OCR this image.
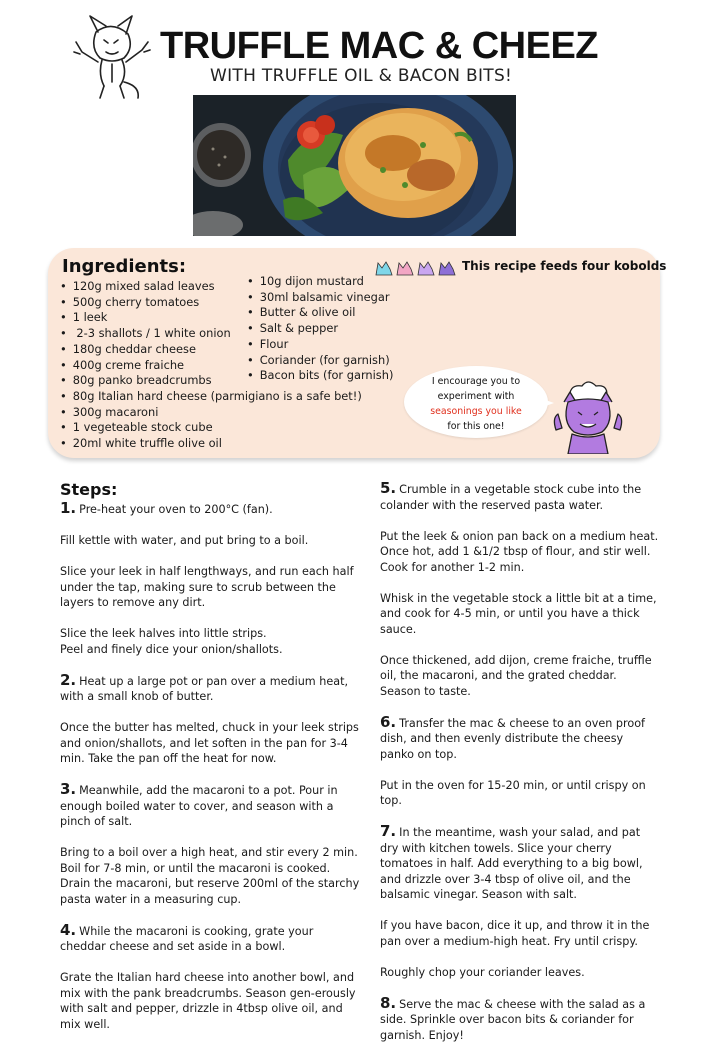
TRUFFLE MAC & CHEEZ
WITH TRUFFLE OIL & BACON BITS!
Ingredients:
• 120g mixed salad leaves
• 500g cherry tomatoes
• 1 leek
•  2-3 shallots / 1 white onion
• 180g cheddar cheese
• 400g creme fraiche
• 80g panko breadcrumbs
• 80g Italian hard cheese (parmigiano is a safe bet!)
• 300g macaroni
• 1 vegeteable stock cube
• 20ml white truffle olive oil
• 10g dijon mustard
• 30ml balsamic vinegar
• Butter & olive oil
• Salt & pepper
• Flour
• Coriander (for garnish)
• Bacon bits (for garnish)
This recipe feeds four kobolds
I encourage you to
experiment with
seasonings you like
for this one!
Steps:

1. Pre-heat your oven to 200°C (fan).

Fill kettle with water, and put bring to a boil.

Slice your leek in half lengthways, and run each half under the tap, making sure to scrub between the layers to remove any dirt.

Slice the leek halves into little strips.
Peel and finely dice your onion/shallots.

2. Heat up a large pot or pan over a medium heat, with a small knob of butter.

Once the butter has melted, chuck in your leek strips and onion/shallots, and let soften in the pan for 3-4 min. Take the pan off the heat for now.

3. Meanwhile, add the macaroni to a pot. Pour in enough boiled water to cover, and season with a pinch of salt.

Bring to a boil over a high heat, and stir every 2 min. Boil for 7-8 min, or until the macaroni is cooked. Drain the macaroni, but reserve 200ml of the starchy pasta water in a measuring cup.

4. While the macaroni is cooking, grate your cheddar cheese and set aside in a bowl.

Grate the Italian hard cheese into another bowl, and mix with the pank breadcrumbs. Season gen-erously with salt and pepper, drizzle in 4tbsp olive oil, and mix well.

5. Crumble in a vegetable stock cube into the colander with the reserved pasta water.

Put the leek & onion pan back on a medium heat. Once hot, add 1 &1/2 tbsp of flour, and stir well. Cook for another 1-2 min.

Whisk in the vegetable stock a little bit at a time, and cook for 4-5 min, or until you have a thick sauce.

Once thickened, add dijon, creme fraiche, truffle oil, the macaroni, and the grated cheddar. Season to taste.

6. Transfer the mac & cheese to an oven proof dish, and then evenly distribute the cheesy panko on top.

Put in the oven for 15-20 min, or until crispy on top.

7. In the meantime, wash your salad, and pat dry with kitchen towels. Slice your cherry tomatoes in half. Add everything to a big bowl, and drizzle over 3-4 tbsp of olive oil, and the balsamic vinegar. Season with salt.

If you have bacon, dice it up, and throw it in the pan over a medium-high heat. Fry until crispy.

Roughly chop your coriander leaves.

8. Serve the mac & cheese with the salad as a side. Sprinkle over bacon bits & coriander for garnish. Enjoy!
